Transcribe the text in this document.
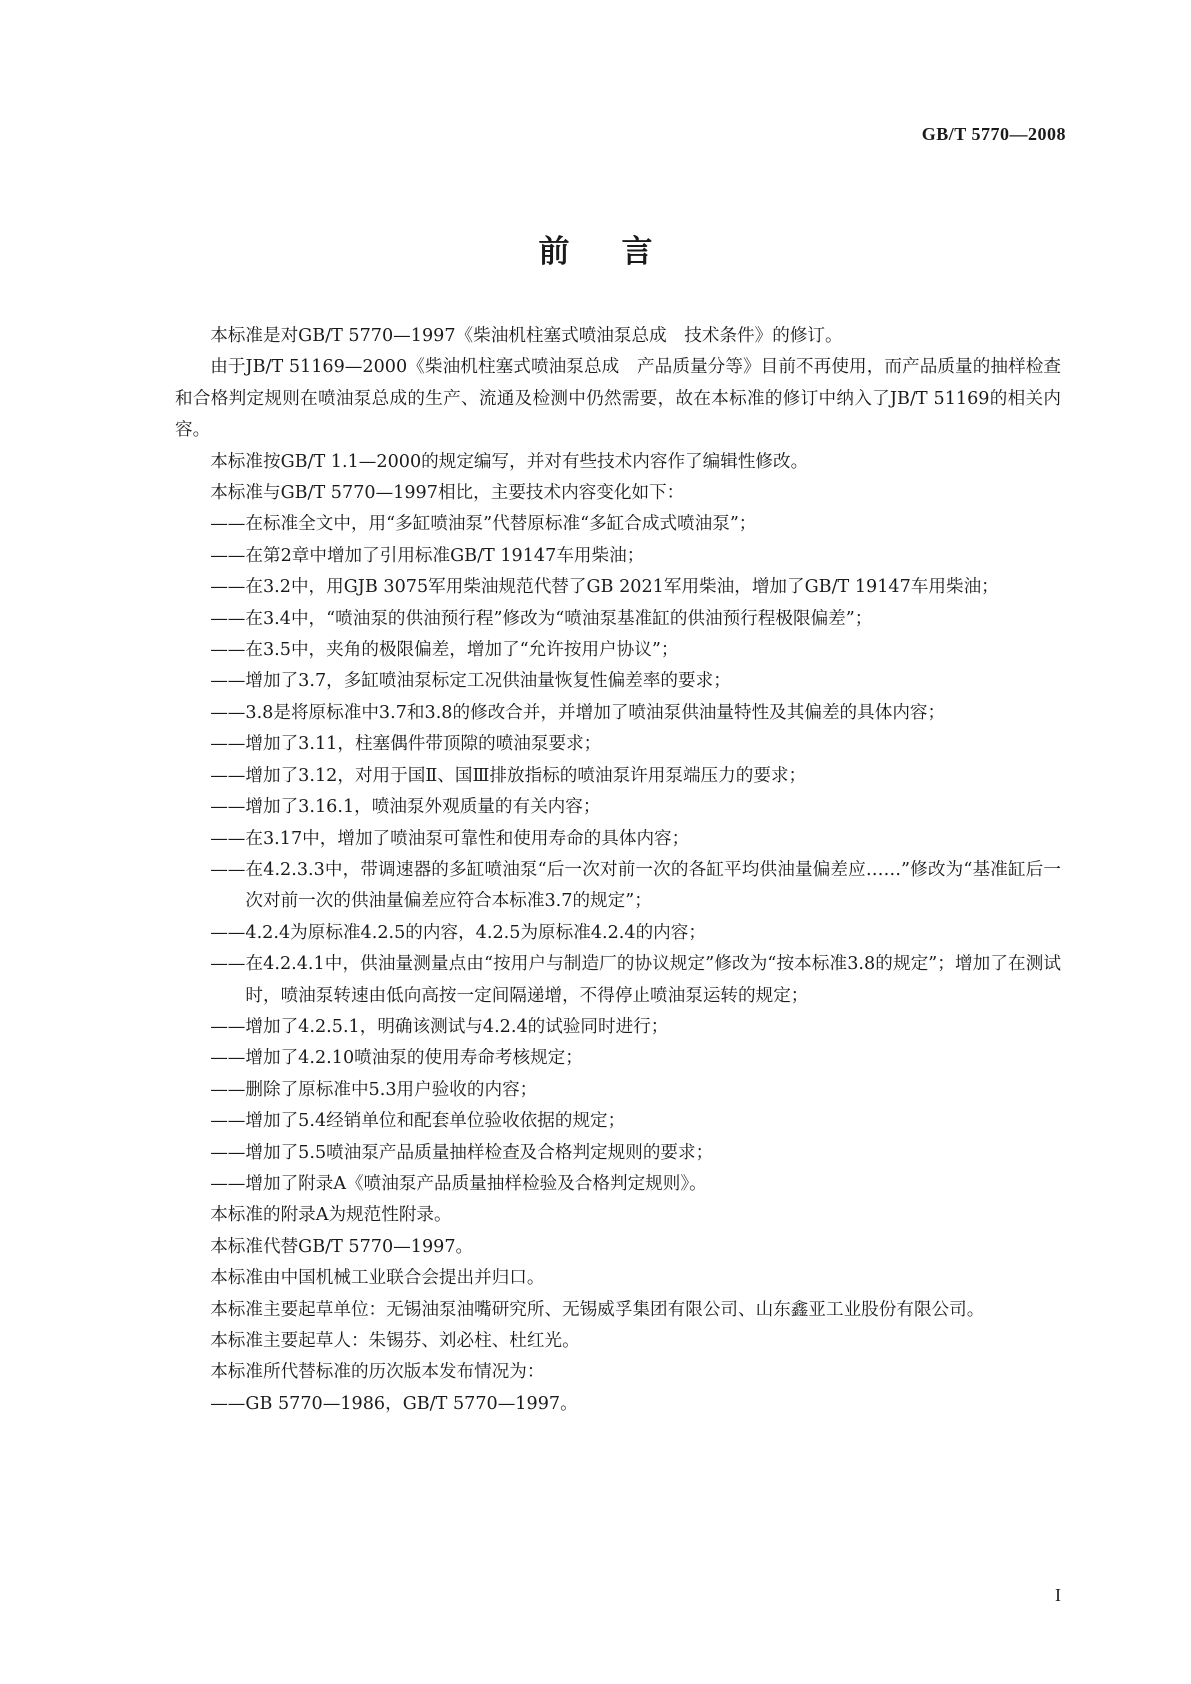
GB/T 5770—2008
前言

本标准是对GB/T 5770—1997《柴油机柱塞式喷油泵总成　技术条件》的修订。

由于JB/T 51169—2000《柴油机柱塞式喷油泵总成　产品质量分等》目前不再使用，而产品质量的抽样检查和合格判定规则在喷油泵总成的生产、流通及检测中仍然需要，故在本标准的修订中纳入了JB/T 51169的相关内容。

本标准按GB/T 1.1—2000的规定编写，并对有些技术内容作了编辑性修改。

本标准与GB/T 5770—1997相比，主要技术内容变化如下：

——在标准全文中，用“多缸喷油泵”代替原标准“多缸合成式喷油泵”；

——在第2章中增加了引用标准GB/T 19147车用柴油；

——在3.2中，用GJB 3075军用柴油规范代替了GB 2021军用柴油，增加了GB/T 19147车用柴油；

——在3.4中，“喷油泵的供油预行程”修改为“喷油泵基准缸的供油预行程极限偏差”；

——在3.5中，夹角的极限偏差，增加了“允许按用户协议”；

——增加了3.7，多缸喷油泵标定工况供油量恢复性偏差率的要求；

——3.8是将原标准中3.7和3.8的修改合并，并增加了喷油泵供油量特性及其偏差的具体内容；

——增加了3.11，柱塞偶件带顶隙的喷油泵要求；

——增加了3.12，对用于国Ⅱ、国Ⅲ排放指标的喷油泵许用泵端压力的要求；

——增加了3.16.1，喷油泵外观质量的有关内容；

——在3.17中，增加了喷油泵可靠性和使用寿命的具体内容；

——在4.2.3.3中，带调速器的多缸喷油泵“后一次对前一次的各缸平均供油量偏差应……”修改为“基准缸后一次对前一次的供油量偏差应符合本标准3.7的规定”；

——4.2.4为原标准4.2.5的内容，4.2.5为原标准4.2.4的内容；

——在4.2.4.1中，供油量测量点由“按用户与制造厂的协议规定”修改为“按本标准3.8的规定”；增加了在测试时，喷油泵转速由低向高按一定间隔递增，不得停止喷油泵运转的规定；

——增加了4.2.5.1，明确该测试与4.2.4的试验同时进行；

——增加了4.2.10喷油泵的使用寿命考核规定；

——删除了原标准中5.3用户验收的内容；

——增加了5.4经销单位和配套单位验收依据的规定；

——增加了5.5喷油泵产品质量抽样检查及合格判定规则的要求；

——增加了附录A《喷油泵产品质量抽样检验及合格判定规则》。

本标准的附录A为规范性附录。

本标准代替GB/T 5770—1997。

本标准由中国机械工业联合会提出并归口。

本标准主要起草单位：无锡油泵油嘴研究所、无锡威孚集团有限公司、山东鑫亚工业股份有限公司。

本标准主要起草人：朱锡芬、刘必柱、杜红光。

本标准所代替标准的历次版本发布情况为：

——GB 5770—1986，GB/T 5770—1997。

I
